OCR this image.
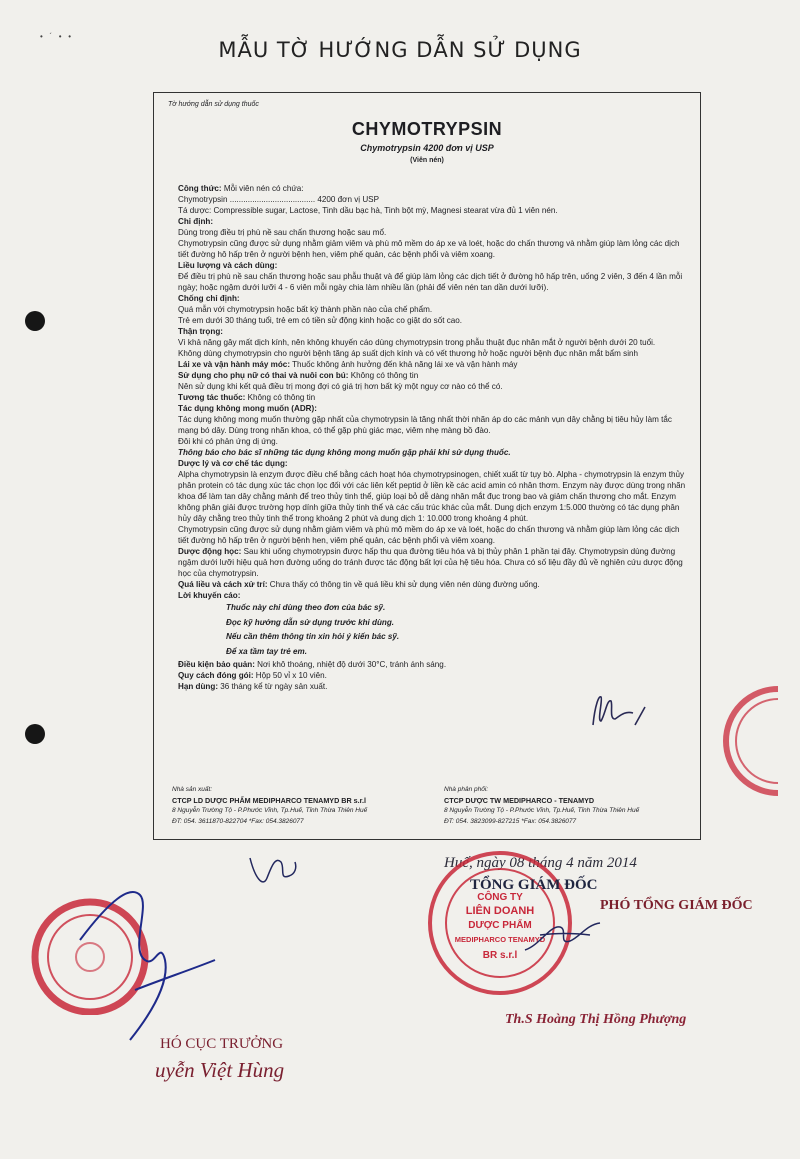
•   ´   •   •
MẪU TỜ HƯỚNG DẪN SỬ DỤNG
Tờ hướng dẫn sử dụng thuốc
CHYMOTRYPSIN
Chymotrypsin 4200 đơn vị USP
(Viên nén)

Công thức: Mỗi viên nén có chứa:

Chymotrypsin ...................................... 4200 đơn vị USP

Tá dược: Compressible sugar, Lactose, Tinh dầu bạc hà, Tinh bột mỳ, Magnesi stearat vừa đủ 1 viên nén.

Chỉ định:

Dùng trong điều trị phù nề sau chấn thương hoặc sau mổ.

Chymotrypsin cũng được sử dụng nhằm giảm viêm và phù mô mềm do áp xe và loét, hoặc do chấn thương và nhằm giúp làm lỏng các dịch tiết đường hô hấp trên ở người bệnh hen, viêm phế quản, các bệnh phổi và viêm xoang.

Liều lượng và cách dùng:

Để điều trị phù nề sau chấn thương hoặc sau phẫu thuật và để giúp làm lỏng các dịch tiết ở đường hô hấp trên, uống 2 viên, 3 đến 4 lần mỗi ngày; hoặc ngậm dưới lưỡi 4 - 6 viên mỗi ngày chia làm nhiều lần (phải để viên nén tan dần dưới lưỡi).

Chống chỉ định:

Quá mẫn với chymotrypsin hoặc bất kỳ thành phần nào của chế phẩm.

Trẻ em dưới 30 tháng tuổi, trẻ em có tiền sử động kinh hoặc co giật do sốt cao.

Thận trọng:

Vì khả năng gây mất dịch kính, nên không khuyến cáo dùng chymotrypsin trong phẫu thuật đục nhân mắt ở người bệnh dưới 20 tuổi.

Không dùng chymotrypsin cho người bệnh tăng áp suất dịch kính và có vết thương hở hoặc người bệnh đục nhân mắt bẩm sinh

Lái xe và vận hành máy móc: Thuốc không ảnh hưởng đến khả năng lái xe và vận hành máy

Sử dụng cho phụ nữ có thai và nuôi con bú: Không có thông tin

Nên sử dụng khi kết quả điều trị mong đợi có giá trị hơn bất kỳ một nguy cơ nào có thể có.

Tương tác thuốc: Không có thông tin

Tác dụng không mong muốn (ADR):

Tác dụng không mong muốn thường gặp nhất của chymotrypsin là tăng nhất thời nhãn áp do các mảnh vụn dây chằng bị tiêu hủy làm tắc mạng bó dây. Dùng trong nhãn khoa, có thể gặp phù giác mạc, viêm nhẹ màng bồ đào.

Đôi khi có phản ứng dị ứng.

Thông báo cho bác sĩ những tác dụng không mong muốn gặp phải khi sử dụng thuốc.

Dược lý và cơ chế tác dụng:

Alpha chymotrypsin là enzym được điều chế bằng cách hoạt hóa chymotrypsinogen, chiết xuất từ tụy bò. Alpha - chymotrypsin là enzym thủy phân protein có tác dụng xúc tác chọn lọc đối với các liên kết peptid ở liền kề các acid amin có nhân thơm. Enzym này được dùng trong nhãn khoa để làm tan dây chằng mảnh để treo thủy tinh thể, giúp loại bỏ dễ dàng nhân mắt đục trong bao và giảm chấn thương cho mắt. Enzym không phân giải được trường hợp dính giữa thủy tinh thể và các cấu trúc khác của mắt. Dung dịch enzym 1:5.000 thường có tác dụng phân hủy dây chằng treo thủy tinh thể trong khoảng 2 phút và dung dịch 1: 10.000 trong khoảng 4 phút.

Chymotrypsin cũng được sử dụng nhằm giảm viêm và phù mô mềm do áp xe và loét, hoặc do chấn thương và nhằm giúp làm lỏng các dịch tiết đường hô hấp trên ở người bệnh hen, viêm phế quản, các bệnh phổi và viêm xoang.

Dược động học: Sau khi uống chymotrypsin được hấp thu qua đường tiêu hóa và bị thủy phân 1 phần tại đây. Chymotrypsin dùng đường ngậm dưới lưỡi hiệu quả hơn đường uống do tránh được tác động bất lợi của hệ tiêu hóa. Chưa có số liệu đầy đủ về nghiên cứu dược động học của chymotrypsin.

Quá liều và cách xử trí: Chưa thấy có thông tin về quá liều khi sử dụng viên nén dùng đường uống.

Lời khuyến cáo:

Thuốc này chỉ dùng theo đơn của bác sỹ.

Đọc kỹ hướng dẫn sử dụng trước khi dùng.

Nếu cần thêm thông tin xin hỏi ý kiến bác sỹ.

Để xa tầm tay trẻ em.

Điều kiện bảo quản: Nơi khô thoáng, nhiệt độ dưới 30°C, tránh ánh sáng.

Quy cách đóng gói: Hộp 50 vỉ x 10 viên.

Hạn dùng: 36 tháng kể từ ngày sản xuất.

Nhà sản xuất:
CTCP LD DƯỢC PHẨM MEDIPHARCO TENAMYD BR s.r.l
8 Nguyễn Trường Tộ - P.Phước Vĩnh, Tp.Huế, Tỉnh Thừa Thiên Huế
ĐT: 054. 3611870-822704 *Fax: 054.3826077
Nhà phân phối:
CTCP DƯỢC TW MEDIPHARCO - TENAMYD
8 Nguyễn Trường Tộ - P.Phước Vĩnh, Tp.Huế, Tỉnh Thừa Thiên Huế
ĐT: 054. 3823099-827215 *Fax: 054.3826077
Huế, ngày 08 tháng 4 năm 2014
CÔNG TY
LIÊN DOANH
DƯỢC PHẨM
MEDIPHARCO TENAMYD
BR s.r.l
TỔNG GIÁM ĐỐC
PHÓ TỔNG GIÁM ĐỐC
Th.S Hoàng Thị Hồng Phượng
HÓ CỤC TRƯỞNG
uyễn Việt Hùng
